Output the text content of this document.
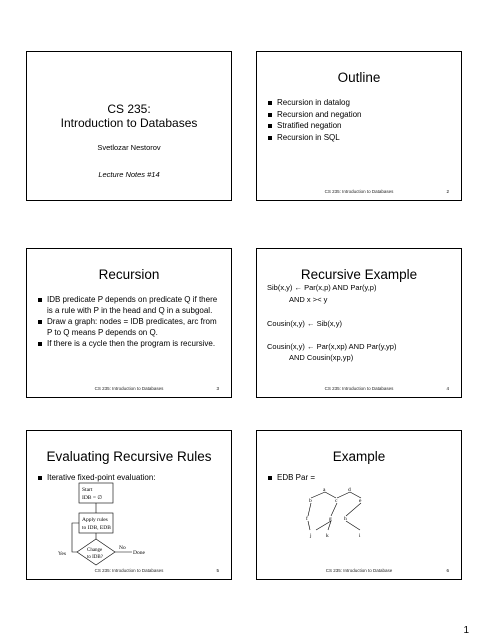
CS 235:
Introduction to Databases
Svetlozar Nestorov
Lecture Notes #14
Outline
Recursion in datalog
Recursion and negation
Stratified negation
Recursion in SQL
CS 235: Introduction to Databases	2
Recursion
IDB predicate P depends on predicate Q if there is a rule with P in the head and Q in a subgoal.
Draw a graph: nodes = IDB predicates, arc from P to Q means P depends on Q.
If there is a cycle then the program is recursive.
CS 235: Introduction to Databases	3
Recursive Example
Sib(x,y) ← Par(x,p) AND Par(y,p)
AND x >< y
Cousin(x,y) ← Sib(x,y)
Cousin(x,y) ← Par(x,xp) AND Par(y,yp)
AND Cousin(xp,yp)
CS 235: Introduction to Databases	4
Evaluating Recursive Rules
Iterative fixed-point evaluation:
Start
IDB = ∅
Apply rules
to IDB, EDB
Change
to IDB?
No
Done
Yes
CS 235: Introduction to Databases	5
Example
EDB Par =
a	d
b	c	e
f	g h
j	k	i
CS 235: Introduction to Database	6
1
